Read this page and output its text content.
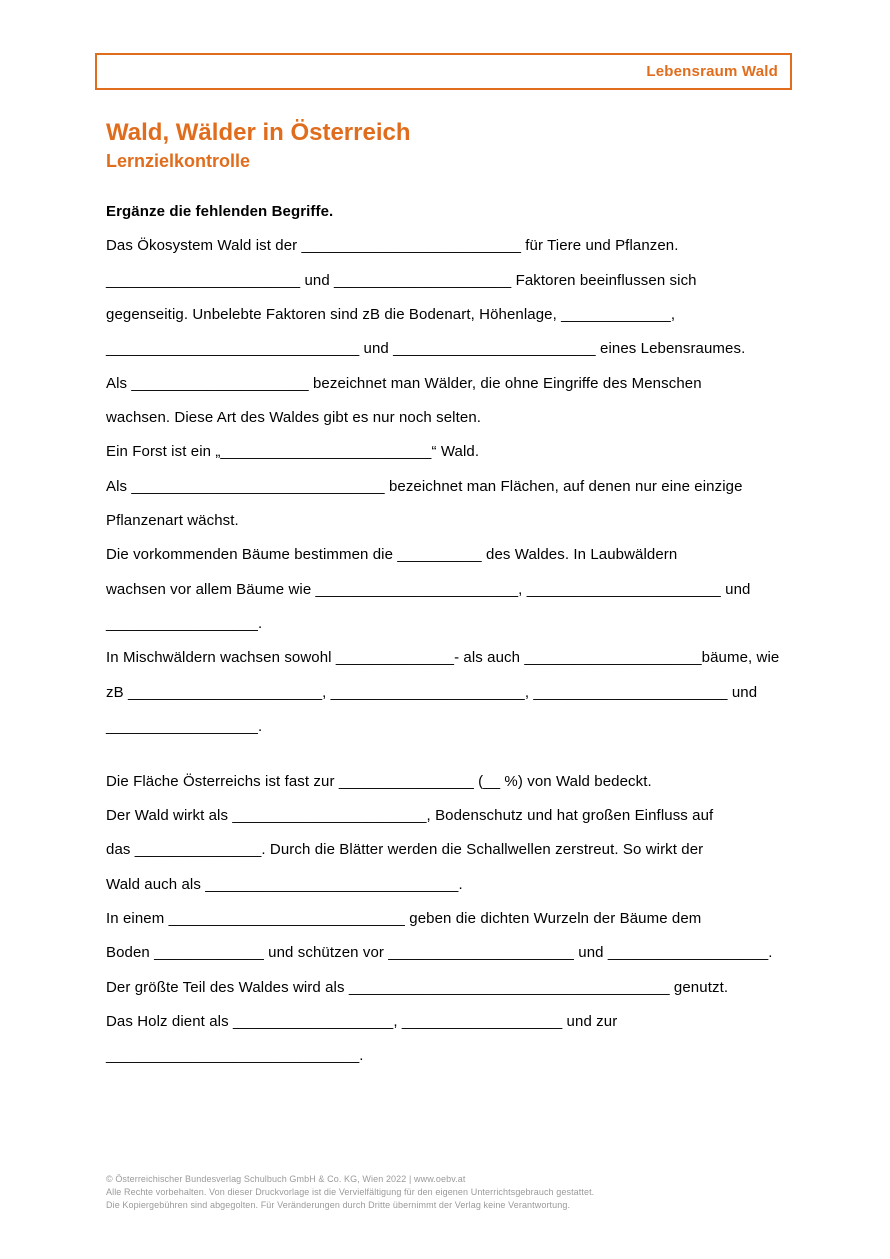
Lebensraum Wald
Wald, Wälder in Österreich
Lernzielkontrolle
Ergänze die fehlenden Begriffe.
Das Ökosystem Wald ist der __________________________ für Tiere und Pflanzen.
_______________________ und _____________________ Faktoren beeinflussen sich
gegenseitig. Unbelebte Faktoren sind zB die Bodenart, Höhenlage, _____________,
______________________________ und ________________________ eines Lebensraumes.
Als _____________________ bezeichnet man Wälder, die ohne Eingriffe des Menschen
wachsen. Diese Art des Waldes gibt es nur noch selten.
Ein Forst ist ein „_________________________“ Wald.
Als ______________________________ bezeichnet man Flächen, auf denen nur eine einzige
Pflanzenart wächst.
Die vorkommenden Bäume bestimmen die __________ des Waldes. In Laubwäldern
wachsen vor allem Bäume wie ________________________, _______________________ und
__________________.
In Mischwäldern wachsen sowohl ______________- als auch _____________________bäume, wie
zB _______________________, _______________________, _______________________ und
__________________.
Die Fläche Österreichs ist fast zur ________________ (__ %) von Wald bedeckt.
Der Wald wirkt als _______________________, Bodenschutz und hat großen Einfluss auf
das _______________. Durch die Blätter werden die Schallwellen zerstreut. So wirkt der
Wald auch als ______________________________.
In einem ____________________________ geben die dichten Wurzeln der Bäume dem
Boden _____________ und schützen vor ______________________ und ___________________.
Der größte Teil des Waldes wird als ______________________________________ genutzt.
Das Holz dient als ___________________, ___________________ und zur
______________________________.
© Österreichischer Bundesverlag Schulbuch GmbH & Co. KG, Wien 2022 | www.oebv.at
Alle Rechte vorbehalten. Von dieser Druckvorlage ist die Vervielfältigung für den eigenen Unterrichtsgebrauch gestattet.
Die Kopiergebühren sind abgegolten. Für Veränderungen durch Dritte übernimmt der Verlag keine Verantwortung.
